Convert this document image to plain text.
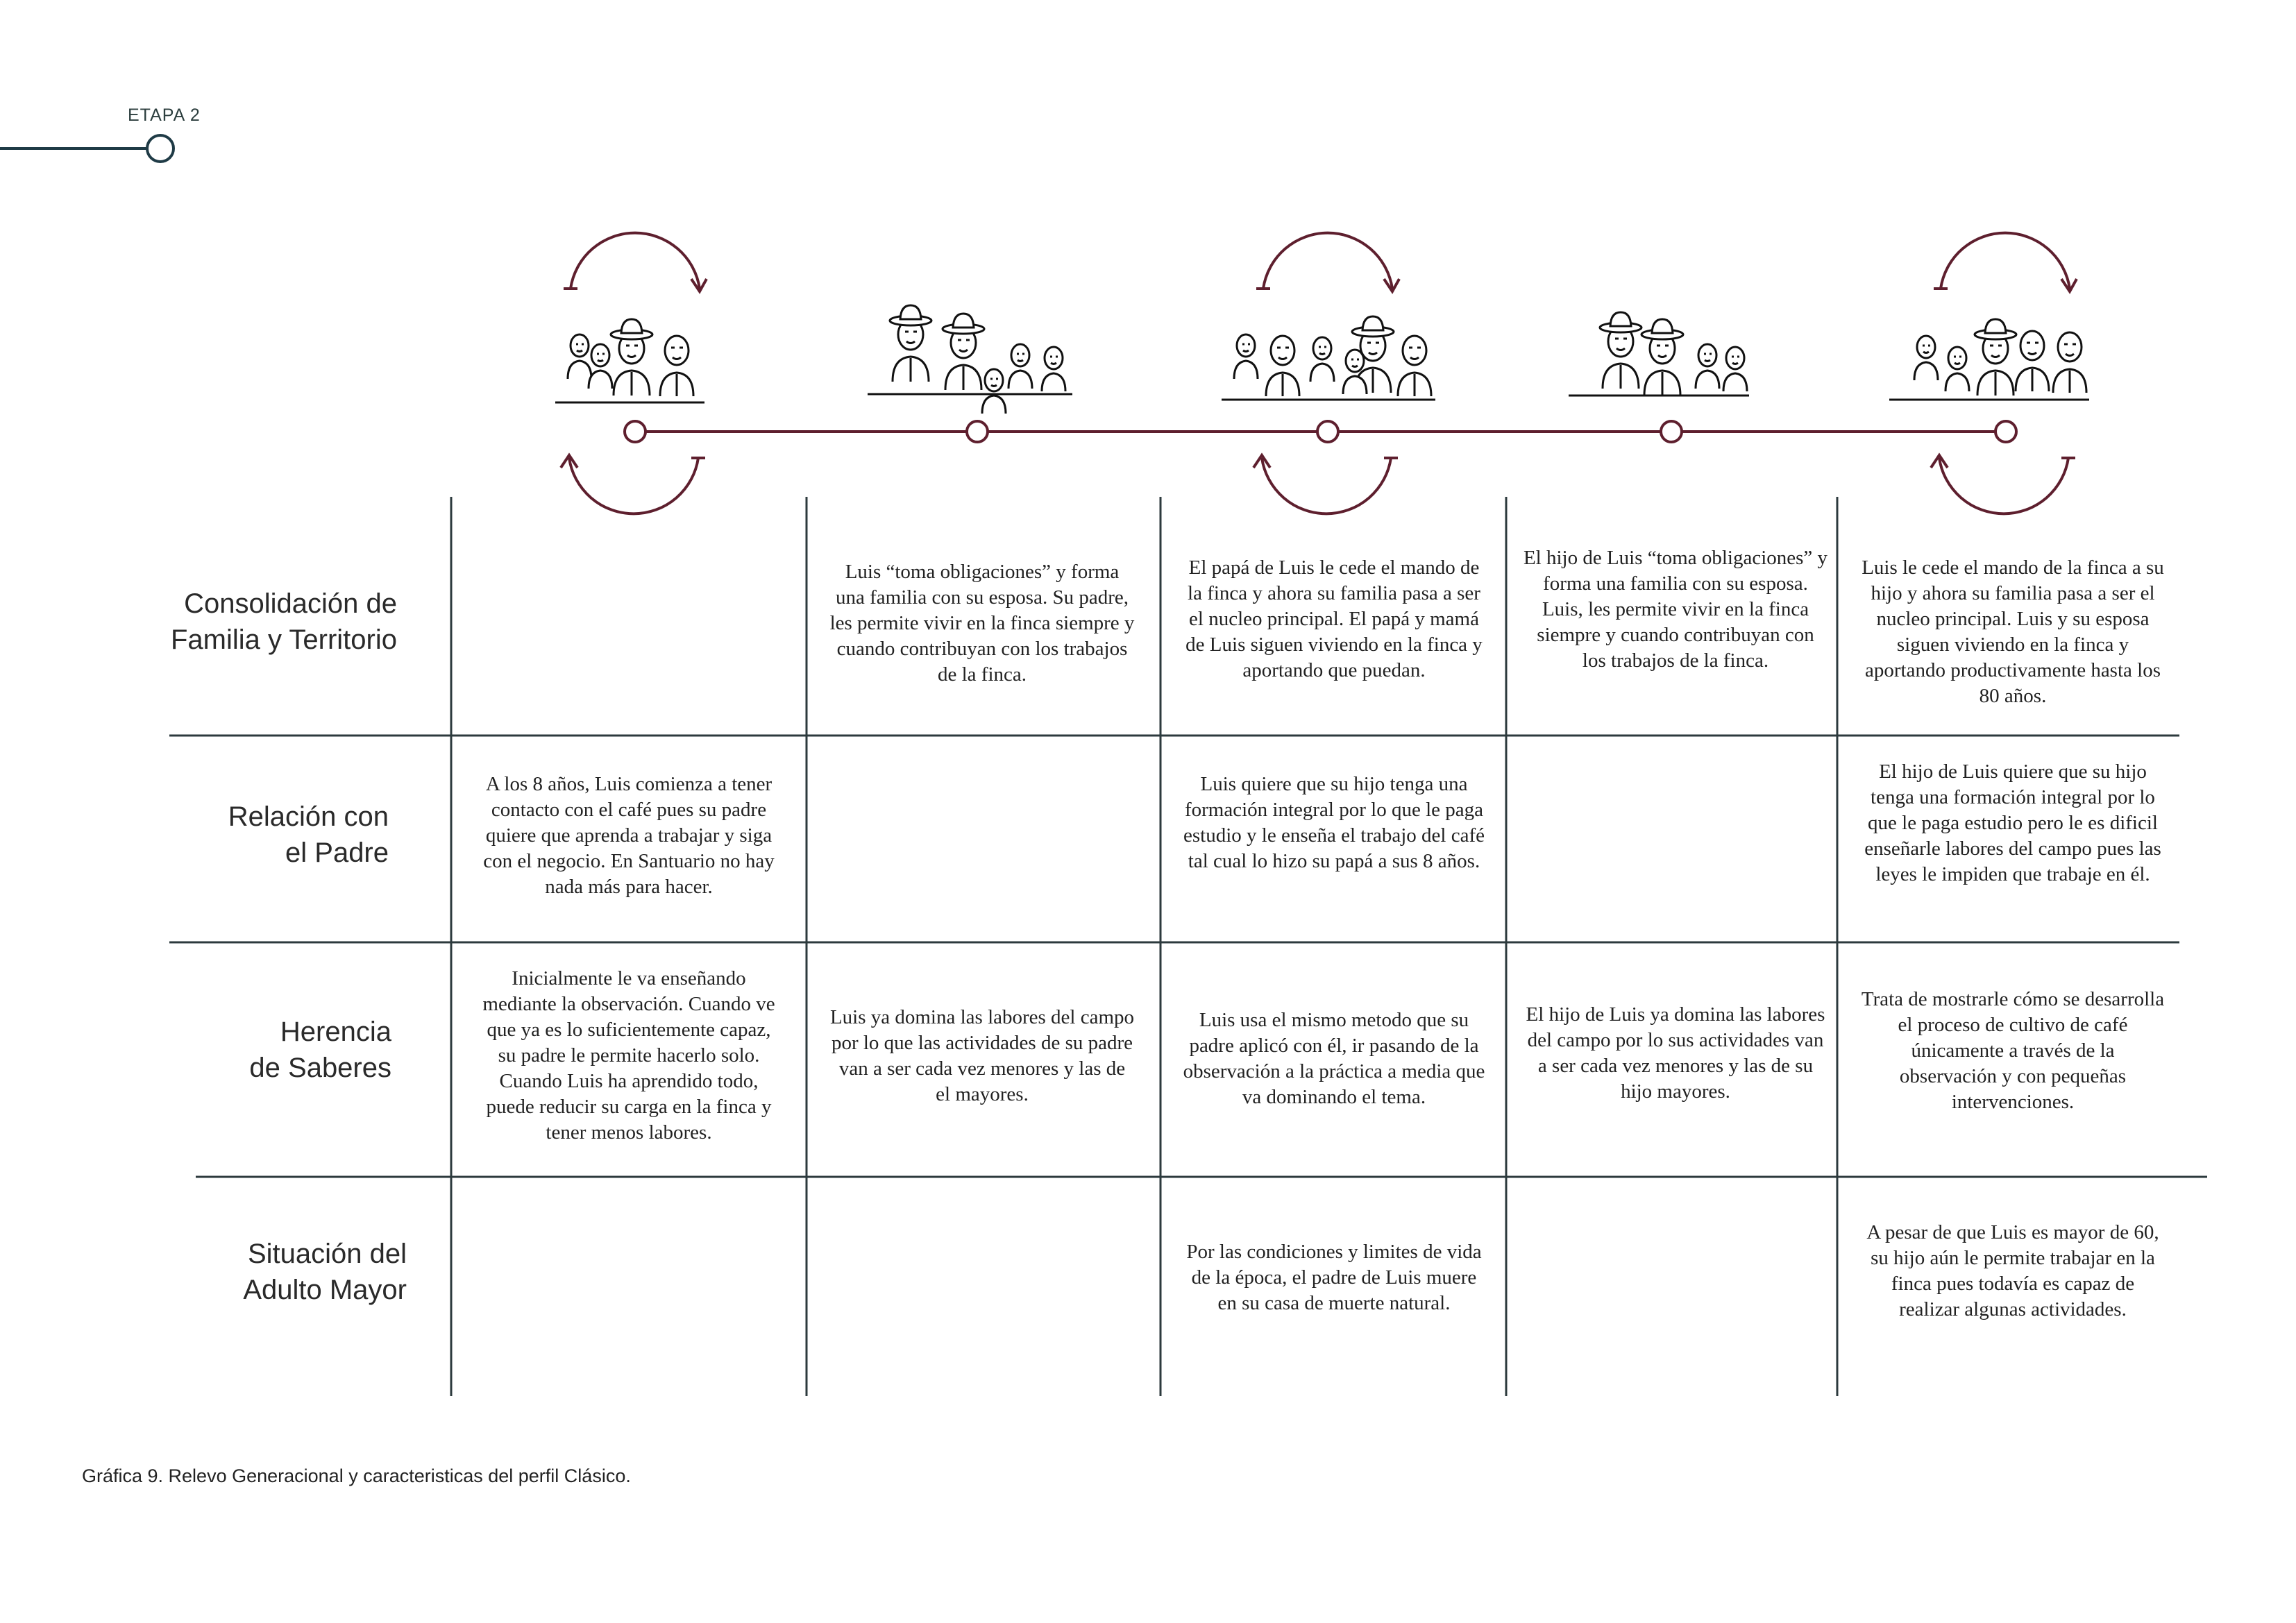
ETAPA 2
Consolidación de
Familia y Territorio
Relación con
el Padre
Herencia
de Saberes
Situación del
Adulto Mayor
Luis “toma obligaciones” y forma una familia con su esposa. Su padre, les permite vivir en la finca siempre y cuando contribuyan con los trabajos de la finca.
El papá de Luis le cede el mando de la finca y ahora su familia pasa a ser el nucleo principal. El papá y mamá de Luis siguen viviendo en la finca y aportando que puedan.
El hijo de Luis “toma obligaciones” y forma una familia con su esposa. Luis, les permite vivir en la finca siempre y cuando contribuyan con los trabajos de la finca.
Luis le cede el mando de la finca a su hijo y ahora su familia pasa a ser el nucleo principal. Luis y su esposa siguen viviendo en la finca y aportando productivamente hasta los 80 años.
A los 8 años, Luis comienza a tener contacto con el café pues su padre quiere que aprenda a trabajar y siga con el negocio. En Santuario no hay nada más para hacer.
Luis quiere que su hijo tenga una formación integral por lo que le paga estudio y le enseña el trabajo del café tal cual lo hizo su papá a sus 8 años.
El hijo de Luis quiere que su hijo tenga una formación integral por lo que le paga estudio pero le es dificil enseñarle labores del campo pues las leyes le impiden que trabaje en él.
Inicialmente le va enseñando mediante la observación. Cuando ve que ya es lo suficientemente capaz, su padre le permite hacerlo solo. Cuando Luis ha aprendido todo, puede reducir su carga en la finca y tener menos labores.
Luis ya domina las labores del campo por lo que las actividades de su padre van a ser cada vez menores y las de el mayores.
Luis usa el mismo metodo que su padre aplicó con él, ir pasando de la observación a la práctica a media que va dominando el tema.
El hijo de Luis ya domina las labores del campo por lo sus actividades van a ser cada vez menores y las de su hijo mayores.
Trata de mostrarle cómo se desarrolla el proceso de cultivo de café únicamente a través de la observación y con pequeñas intervenciones.
Por las condiciones y limites de vida de la época, el padre de Luis muere en su casa de muerte natural.
A pesar de que Luis es mayor de 60, su hijo aún le permite trabajar en la finca pues todavía es capaz de realizar algunas actividades.
Gráfica 9. Relevo Generacional y caracteristicas del perfil Clásico.
